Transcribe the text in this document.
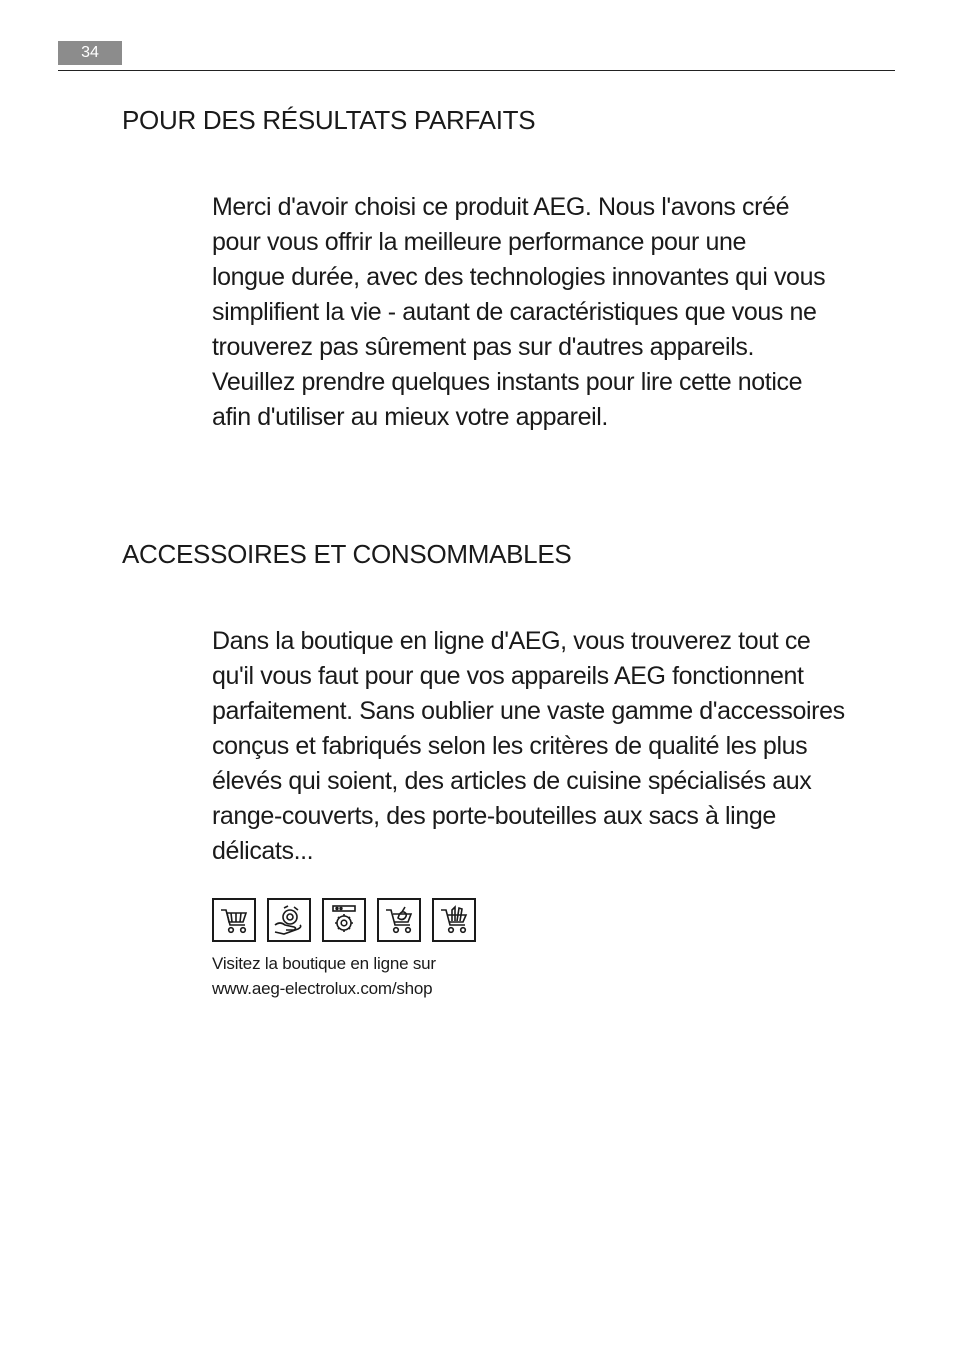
34
POUR DES RÉSULTATS PARFAITS

Merci d'avoir choisi ce produit AEG. Nous l'avons créé
pour vous offrir la meilleure performance pour une
longue durée, avec des technologies innovantes qui vous
simplifient la vie - autant de caractéristiques que vous ne
trouverez pas sûrement pas sur d'autres appareils.
Veuillez prendre quelques instants pour lire cette notice
afin d'utiliser au mieux votre appareil.

ACCESSOIRES ET CONSOMMABLES

Dans la boutique en ligne d'AEG, vous trouverez tout ce
qu'il vous faut pour que vos appareils AEG fonctionnent
parfaitement. Sans oublier une vaste gamme d'accessoires
conçus et fabriqués selon les critères de qualité les plus
élevés qui soient, des articles de cuisine spécialisés aux
range-couverts, des porte-bouteilles aux sacs à linge
délicats...

Visitez la boutique en ligne sur
www.aeg-electrolux.com/shop
